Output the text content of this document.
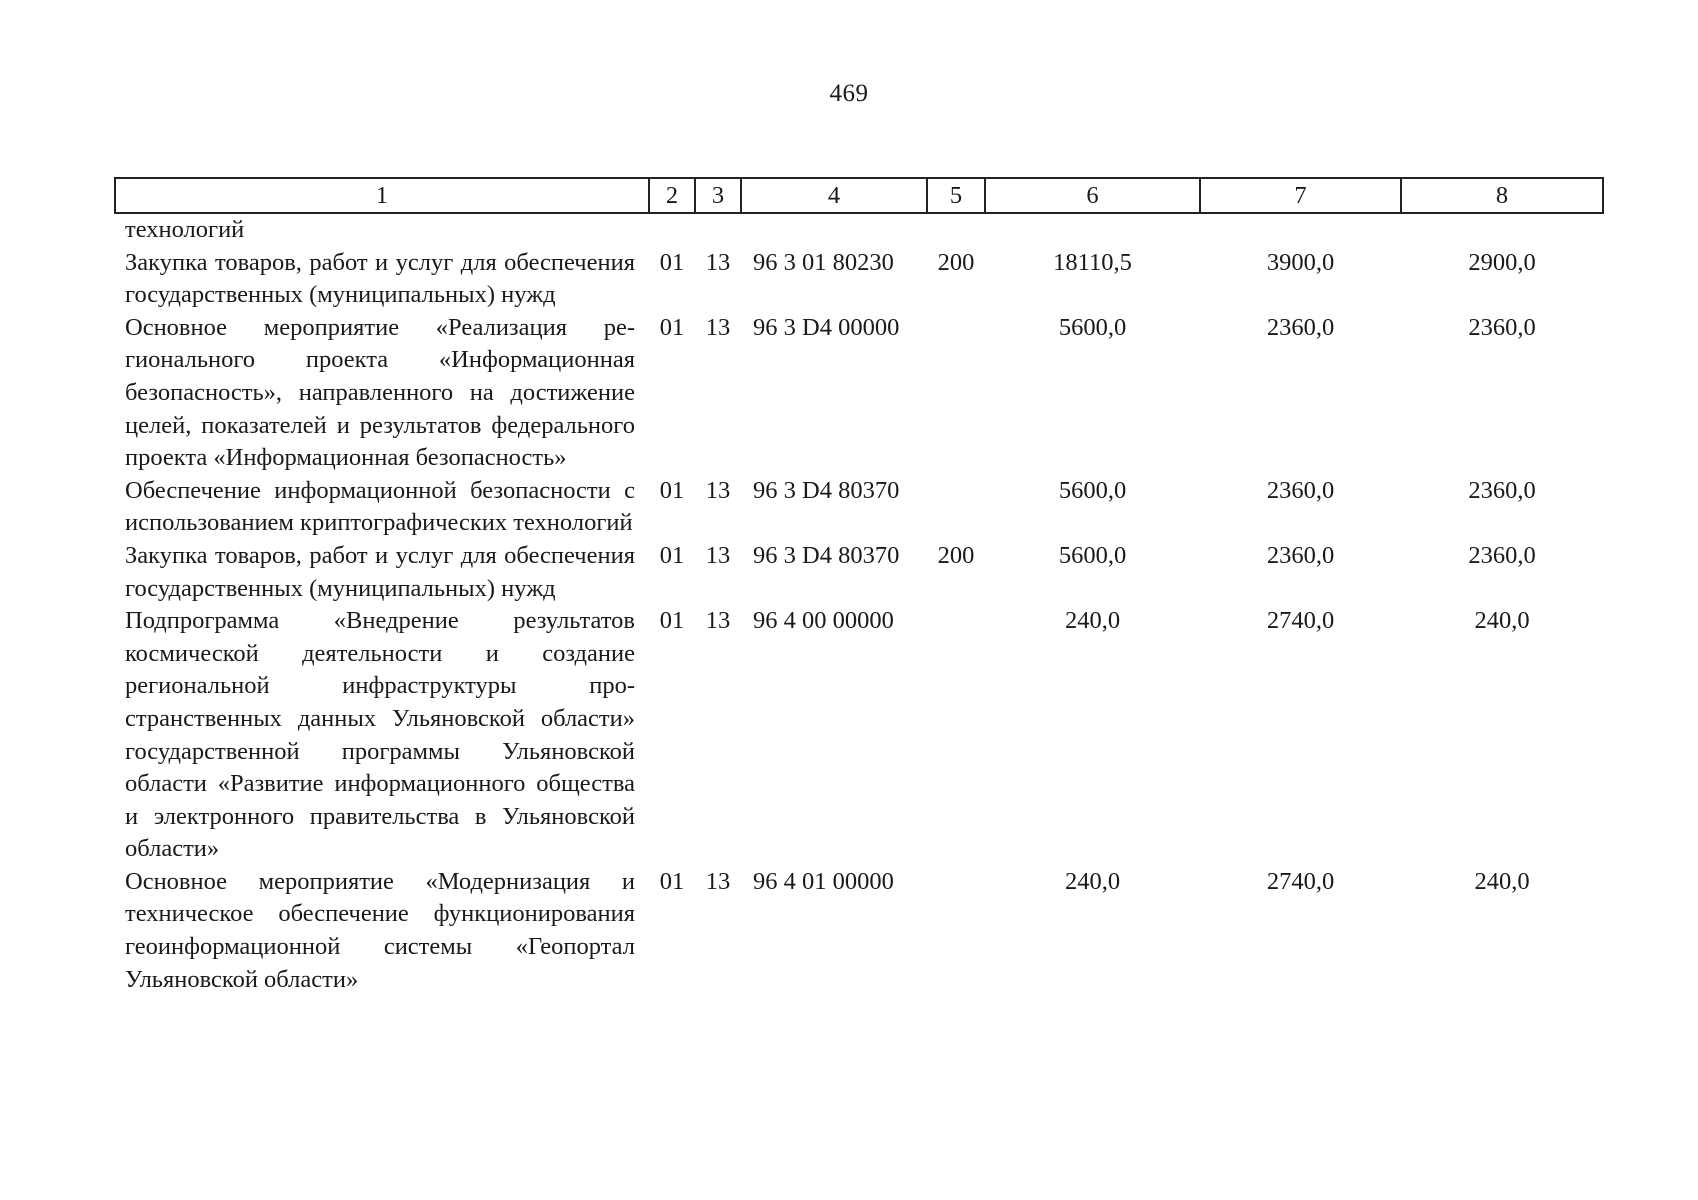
469
1	2	3	4	5	6	7	8
технологий							
Закупка товаров, работ и услуг для обеспечения государственных (муниципальных) нужд	01	13	96 3 01 80230	200	18110,5	3900,0	2900,0
Основное мероприятие «Реализация регионального проекта «Информационная безопасность», направленного на достижение целей, показателей и результатов федерального проекта «Информационная безопасность»	01	13	96 3 D4 00000		5600,0	2360,0	2360,0
Обеспечение информационной безопасности с использованием криптографических технологий	01	13	96 3 D4 80370		5600,0	2360,0	2360,0
Закупка товаров, работ и услуг для обеспечения государственных (муниципальных) нужд	01	13	96 3 D4 80370	200	5600,0	2360,0	2360,0
Подпрограмма «Внедрение результатов космической деятельности и создание региональной инфраструктуры пространственных данных Ульяновской области» государственной программы Ульяновской области «Развитие информационного общества и электронного правительства в Ульяновской области»	01	13	96 4 00 00000		240,0	2740,0	240,0
Основное мероприятие «Модернизация и техническое обеспечение функционирования геоинформационной системы «Геопортал Ульяновской области»	01	13	96 4 01 00000		240,0	2740,0	240,0
